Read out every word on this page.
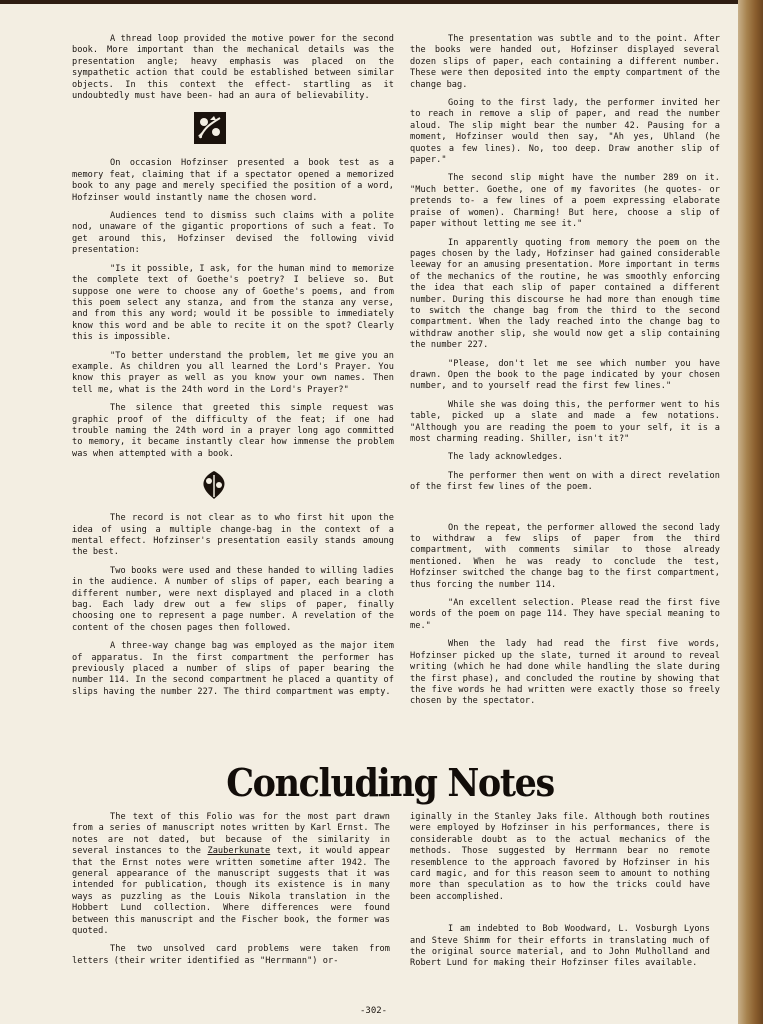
A thread loop provided the motive power for the second book. More important than the mechanical details was the presentation angle; heavy emphasis was placed on the sympathetic action that could be established between similar objects. In this context the effect- startling as it undoubtedly must have been- had an aura of believability.

On occasion Hofzinser presented a book test as a memory feat, claiming that if a spectator opened a memorized book to any page and merely specified the position of a word, Hofzinser would instantly name the chosen word.

Audiences tend to dismiss such claims with a polite nod, unaware of the gigantic proportions of such a feat. To get around this, Hofzinser devised the following vivid presentation:

"Is it possible, I ask, for the human mind to memorize the complete text of Goethe's poetry? I believe so. But suppose one were to choose any of Goethe's poems, and from this poem select any stanza, and from the stanza any verse, and from this any word; would it be possible to immediately know this word and be able to recite it on the spot? Clearly this is impossible.

"To better understand the problem, let me give you an example. As children you all learned the Lord's Prayer. You know this prayer as well as you know your own names. Then tell me, what is the 24th word in the Lord's Prayer?"

The silence that greeted this simple request was graphic proof of the difficulty of the feat; if one had trouble naming the 24th word in a prayer long ago committed to memory, it became instantly clear how immense the problem was when attempted with a book.

The record is not clear as to who first hit upon the idea of using a multiple change-bag in the context of a mental effect. Hofzinser's presentation easily stands amoung the best.

Two books were used and these handed to willing ladies in the audience. A number of slips of paper, each bearing a different number, were next displayed and placed in a cloth bag. Each lady drew out a few slips of paper, finally choosing one to represent a page number. A revelation of the content of the chosen pages then followed.

A three-way change bag was employed as the major item of apparatus. In the first compartment the performer has previously placed a number of slips of paper bearing the number 114. In the second compartment he placed a quantity of slips having the number 227. The third compartment was empty.

The presentation was subtle and to the point. After the books were handed out, Hofzinser displayed several dozen slips of paper, each containing a different number. These were then deposited into the empty compartment of the change bag.

Going to the first lady, the performer invited her to reach in remove a slip of paper, and read the number aloud. The slip might bear the number 42. Pausing for a moment, Hofzinser would then say, "Ah yes, Uhland (he quotes a few lines). No, too deep. Draw another slip of paper."

The second slip might have the number 289 on it. "Much better. Goethe, one of my favorites (he quotes- or pretends to- a few lines of a poem expressing elaborate praise of women). Charming! But here, choose a slip of paper without letting me see it."

In apparently quoting from memory the poem on the pages chosen by the lady, Hofzinser had gained considerable leeway for an amusing presentation. More important in terms of the mechanics of the routine, he was smoothly enforcing the idea that each slip of paper contained a different number. During this discourse he had more than enough time to switch the change bag from the third to the second compartment. When the lady reached into the change bag to withdraw another slip, she would now get a slip containing the number 227.

"Please, don't let me see which number you have drawn. Open the book to the page indicated by your chosen number, and to yourself read the first few lines."

While she was doing this, the performer went to his table, picked up a slate and made a few notations. "Although you are reading the poem to your self, it is a most charming reading. Shiller, isn't it?"

The lady acknowledges.

The performer then went on with a direct revelation of the first few lines of the poem.

On the repeat, the performer allowed the second lady to withdraw a few slips of paper from the third compartment, with comments similar to those already mentioned. When he was ready to conclude the test, Hofzinser switched the change bag to the first compartment, thus forcing the number 114.

"An excellent selection. Please read the first five words of the poem on page 114. They have special meaning to me."

When the lady had read the first five words, Hofzinser picked up the slate, turned it around to reveal writing (which he had done while handling the slate during the first phase), and concluded the routine by showing that the five words he had written were exactly those so freely chosen by the spectator.

Concluding Notes

The text of this Folio was for the most part drawn from a series of manuscript notes written by Karl Ernst. The notes are not dated, but because of the similarity in several instances to the Zauberkunate text, it would appear that the Ernst notes were written sometime after 1942. The general appearance of the manuscript suggests that it was intended for publication, though its existence is in many ways as puzzling as the Louis Nikola translation in the Hobbert Lund collection. Where differences were found between this manuscript and the Fischer book, the former was quoted.

The two unsolved card problems were taken from letters (their writer identified as "Herrmann") or-

iginally in the Stanley Jaks file. Although both routines were employed by Hofzinser in his performances, there is considerable doubt as to the actual mechanics of the methods. Those suggested by Herrmann bear no remote resemblence to the approach favored by Hofzinser in his card magic, and for this reason seem to amount to nothing more than speculation as to how the tricks could have been accomplished.

I am indebted to Bob Woodward, L. Vosburgh Lyons and Steve Shimm for their efforts in translating much of the original source material, and to John Mulholland and Robert Lund for making their Hofzinser files available.

-302-
